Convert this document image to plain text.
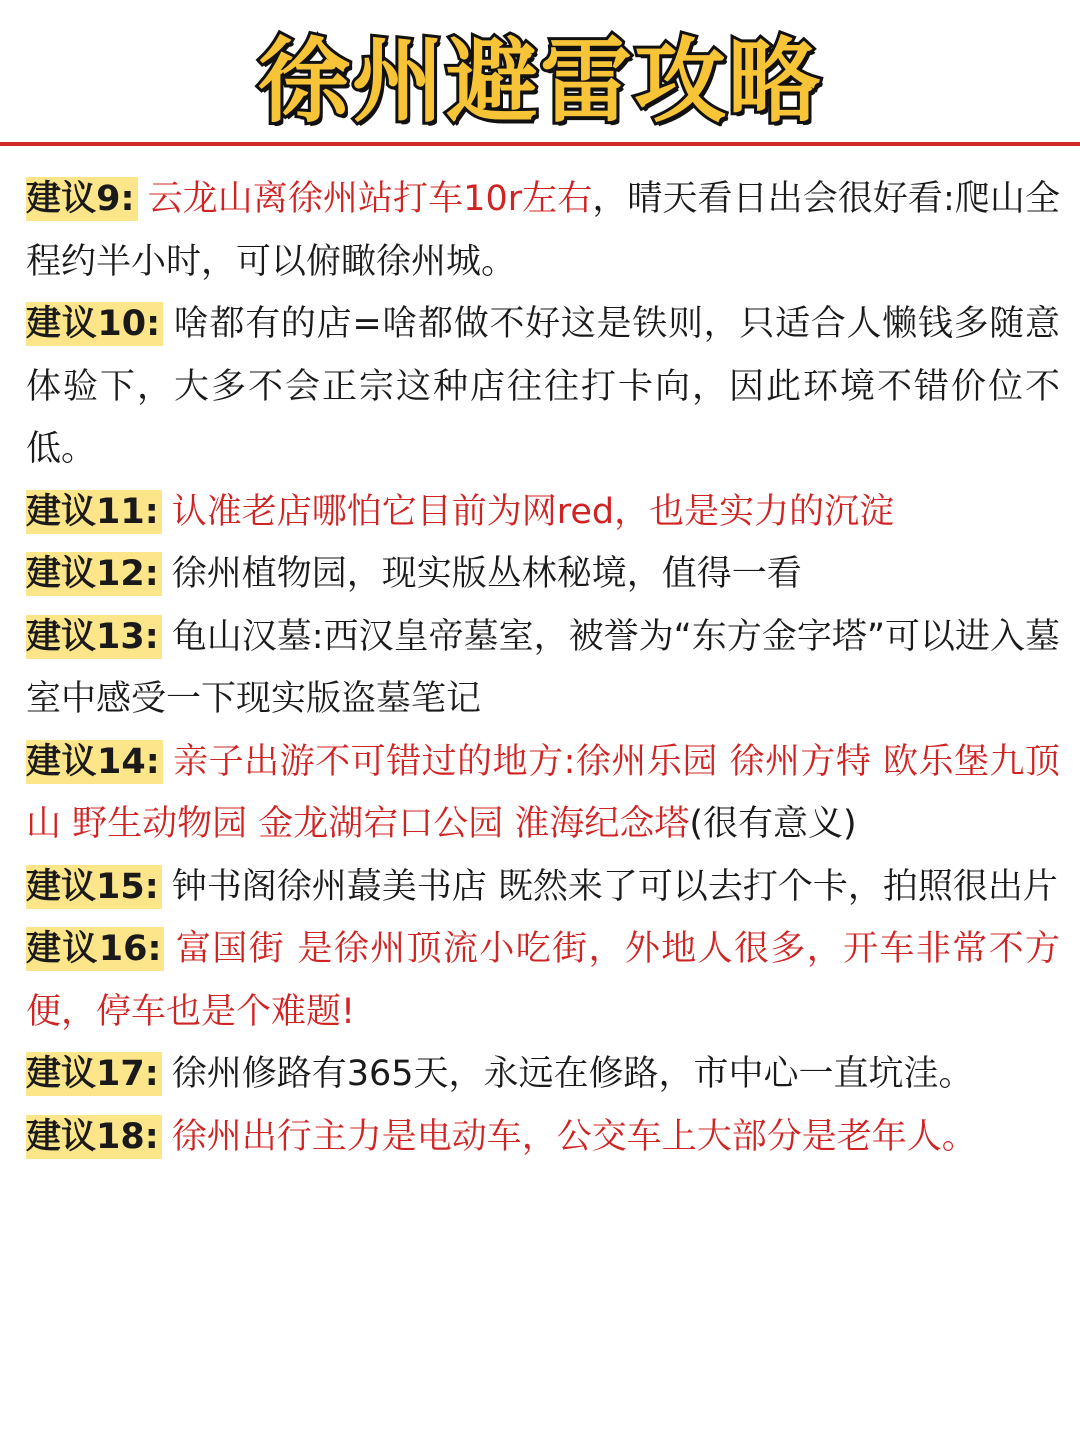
徐州避雷攻略
建议9: 云龙山离徐州站打车10r左右，晴天看日出会很好看:爬山全程约半小时，可以俯瞰徐州城。
建议10: 啥都有的店=啥都做不好这是铁则，只适合人懒钱多随意体验下，大多不会正宗这种店往往打卡向，因此环境不错价位不低。
建议11: 认准老店哪怕它目前为网red，也是实力的沉淀
建议12: 徐州植物园，现实版丛林秘境，值得一看
建议13: 龟山汉墓:西汉皇帝墓室，被誉为“东方金字塔”可以进入墓室中感受一下现实版盗墓笔记
建议14: 亲子出游不可错过的地方:徐州乐园 徐州方特 欧乐堡九顶山 野生动物园 金龙湖宕口公园 淮海纪念塔(很有意义)
建议15: 钟书阁徐州蕞美书店 既然来了可以去打个卡，拍照很出片
建议16: 富国街 是徐州顶流小吃街，外地人很多，开车非常不方便，停车也是个难题!
建议17: 徐州修路有365天，永远在修路，市中心一直坑洼。
建议18: 徐州出行主力是电动车，公交车上大部分是老年人。
